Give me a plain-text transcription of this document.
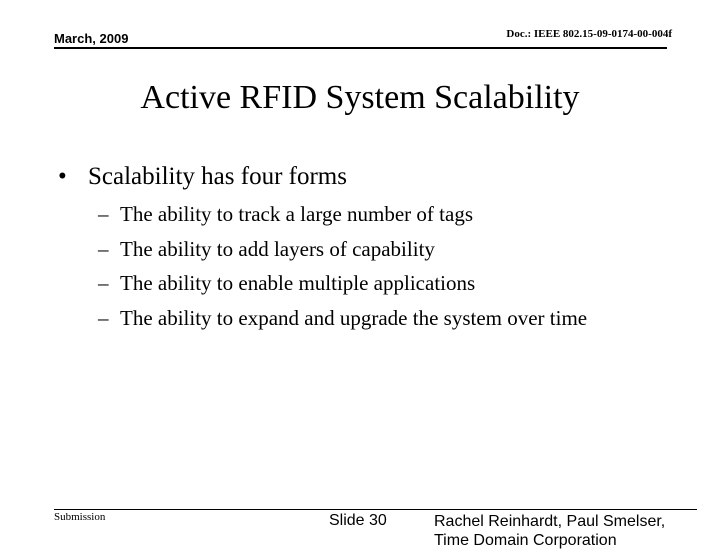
March, 2009	Doc.: IEEE 802.15-09-0174-00-004f
Active RFID System Scalability
• Scalability has four forms
– The ability to track a large number of tags
– The ability to add layers of capability
– The ability to enable multiple applications
– The ability to expand and upgrade the system over time
Submission	Slide 30	Rachel Reinhardt, Paul Smelser,
Time Domain Corporation
